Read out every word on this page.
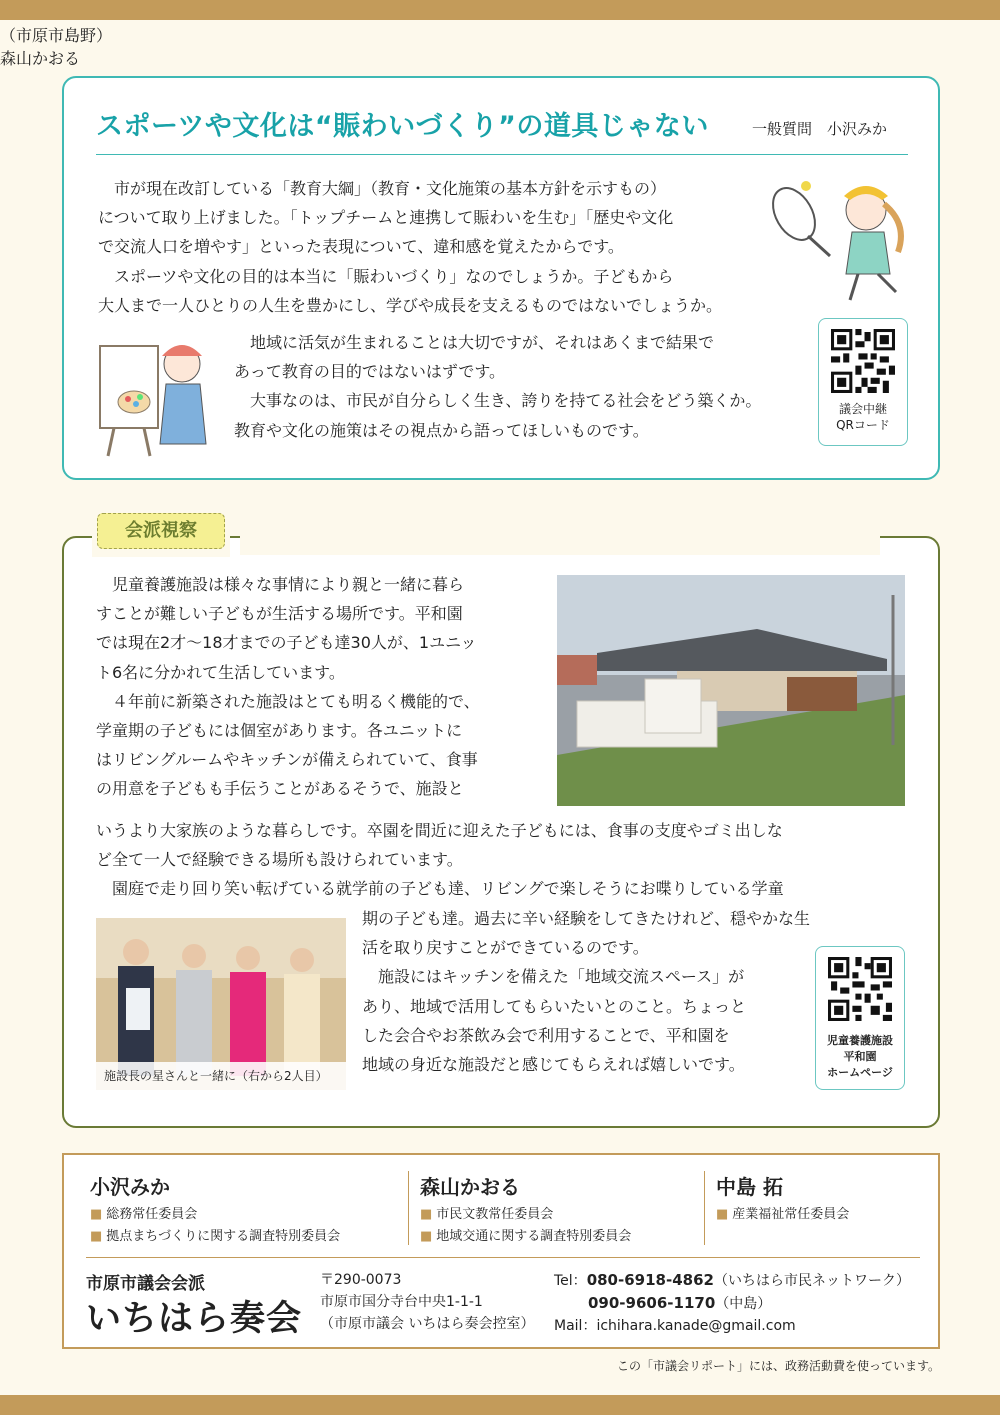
スポーツや文化は“賑わいづくり”の道具じゃない	一般質問　小沢みか
　市が現在改訂している「教育大綱」（教育・文化施策の基本方針を示すもの）
について取り上げました。「トップチームと連携して賑わいを生む」「歴史や文化
で交流人口を増やす」といった表現について、違和感を覚えたからです。
　スポーツや文化の目的は本当に「賑わいづくり」なのでしょうか。子どもから
大人まで一人ひとりの人生を豊かにし、学びや成長を支えるものではないでしょうか。
　地域に活気が生まれることは大切ですが、それはあくまで結果で
あって教育の目的ではないはずです。
　大事なのは、市民が自分らしく生き、誇りを持てる社会をどう築くか。
教育や文化の施策はその視点から語ってほしいものです。
議会中継
QRコード
会派視察
（市原市島野）
森山かおる
　児童養護施設は様々な事情により親と一緒に暮ら
すことが難しい子どもが生活する場所です。平和園
では現在2才〜18才までの子ども達30人が、1ユニッ
ト6名に分かれて生活しています。
　４年前に新築された施設はとても明るく機能的で、
学童期の子どもには個室があります。各ユニットに
はリビングルームやキッチンが備えられていて、食事
の用意を子どもも手伝うことがあるそうで、施設と
いうより大家族のような暮らしです。卒園を間近に迎えた子どもには、食事の支度やゴミ出しな
ど全て一人で経験できる場所も設けられています。
　園庭で走り回り笑い転げている就学前の子ども達、リビングで楽しそうにお喋りしている学童
期の子ども達。過去に辛い経験をしてきたけれど、穏やかな生
活を取り戻すことができているのです。
　施設にはキッチンを備えた「地域交流スペース」が
あり、地域で活用してもらいたいとのこと。ちょっと
した会合やお茶飲み会で利用することで、平和園を
地域の身近な施設だと感じてもらえれば嬉しいです。
施設長の星さんと一緒に（右から2人目）
児童養護施設
平和園
ホームページ
小沢みか
■ 総務常任委員会
■ 拠点まちづくりに関する調査特別委員会
森山かおる
■ 市民文教常任委員会
■ 地域交通に関する調査特別委員会
中島 拓
■ 産業福祉常任委員会
市原市議会会派
いちはら奏会
〒290-0073
市原市国分寺台中央1-1-1
（市原市議会 いちはら奏会控室）
Tel：080-6918-4862（いちはら市民ネットワーク）
090-9606-1170（中島）
Mail：ichihara.kanade@gmail.com
この「市議会リポート」には、政務活動費を使っています。
